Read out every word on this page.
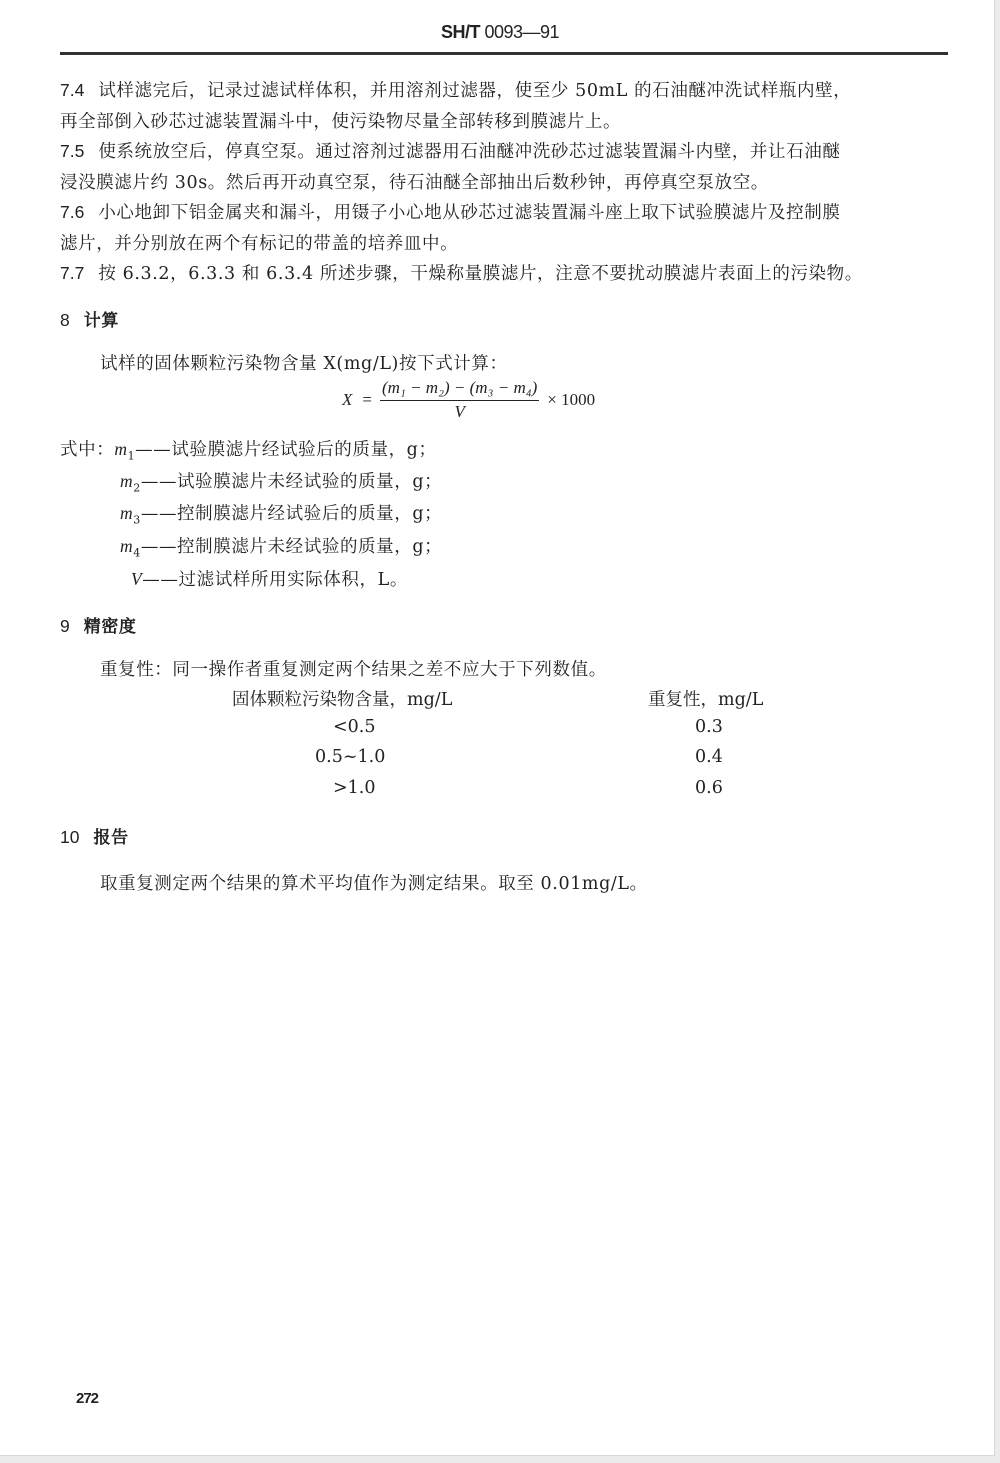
SH/T 0093—91
7.4 试样滤完后，记录过滤试样体积，并用溶剂过滤器，使至少 50mL 的石油醚冲洗试样瓶内壁，
再全部倒入砂芯过滤装置漏斗中，使污染物尽量全部转移到膜滤片上。
7.5 使系统放空后，停真空泵。通过溶剂过滤器用石油醚冲洗砂芯过滤装置漏斗内壁，并让石油醚
浸没膜滤片约 30s。然后再开动真空泵，待石油醚全部抽出后数秒钟，再停真空泵放空。
7.6 小心地卸下铝金属夹和漏斗，用镊子小心地从砂芯过滤装置漏斗座上取下试验膜滤片及控制膜
滤片，并分别放在两个有标记的带盖的培养皿中。
7.7 按 6.3.2，6.3.3 和 6.3.4 所述步骤，干燥称量膜滤片，注意不要扰动膜滤片表面上的污染物。
8 计算
试样的固体颗粒污染物含量 X(mg/L)按下式计算：
$X = \frac{\text{(m₁ − m₂) − (m₃ − m₄)}}{V} \times 1000$
式中：$m_1——$试验膜滤片经试验后的质量，g；
$m_2——$试验膜滤片未经试验的质量，g；
$m_3——$控制膜滤片经试验后的质量，g；
$m_4——$控制膜滤片未经试验的质量，g；
V——过滤试样所用实际体积，L。
9 精密度
重复性：同一操作者重复测定两个结果之差不应大于下列数值。
固体颗粒污染物含量，mg/L	重复性，mg/L
<0.5	0.3
0.5~1.0	0.4
>1.0	0.6
10 报告
取重复测定两个结果的算术平均值作为测定结果。取至 0.01mg/L。
272
